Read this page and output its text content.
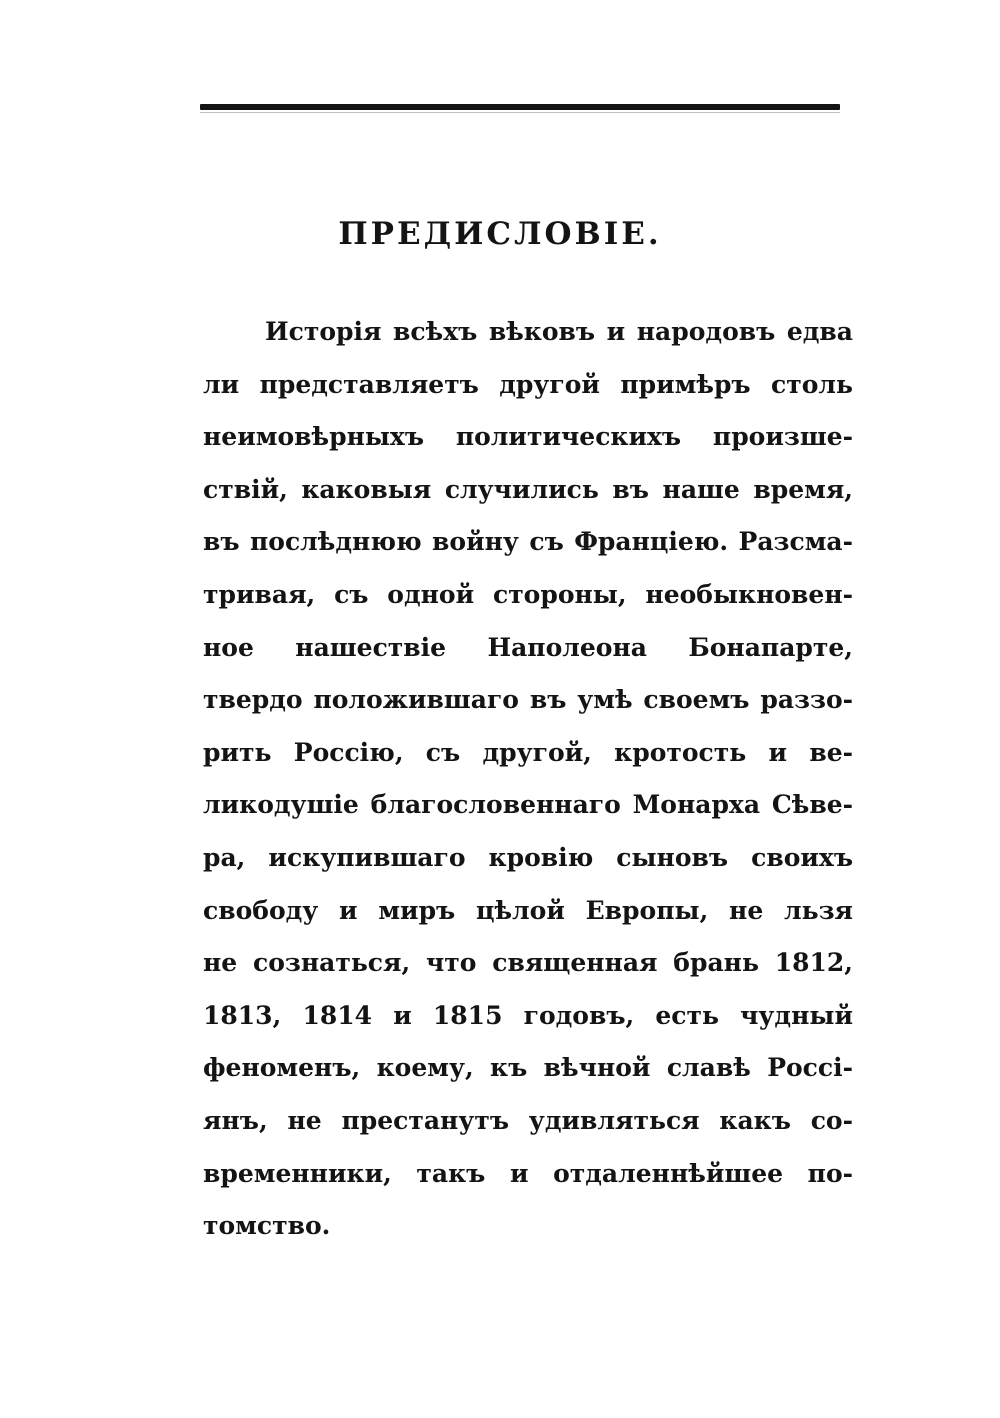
ПРЕДИСЛОВІЕ.
Исторія всѣхъ вѣковъ и народовъ едва
ли представляетъ другой примѣръ столь
неимовѣрныхъ политическихъ произше-
ствій, каковыя случились въ наше время,
въ послѣднюю войну съ Франціею. Разсма-
тривая, съ одной стороны, необыкновен-
ное нашествіе Наполеона Бонапарте,
твердо положившаго въ умѣ своемъ раззо-
рить Россію, съ другой, кротость и ве-
ликодушіе благословеннаго Монарха Сѣве-
ра, искупившаго кровію сыновъ своихъ
свободу и миръ цѣлой Европы, не льзя
не сознаться, что священная брань 1812,
1813, 1814 и 1815 годовъ, есть чудный
феноменъ, коему, къ вѣчной славѣ Россі-
янъ, не престанутъ удивляться какъ со-
временники, такъ и отдаленнѣйшее по-
томство.
